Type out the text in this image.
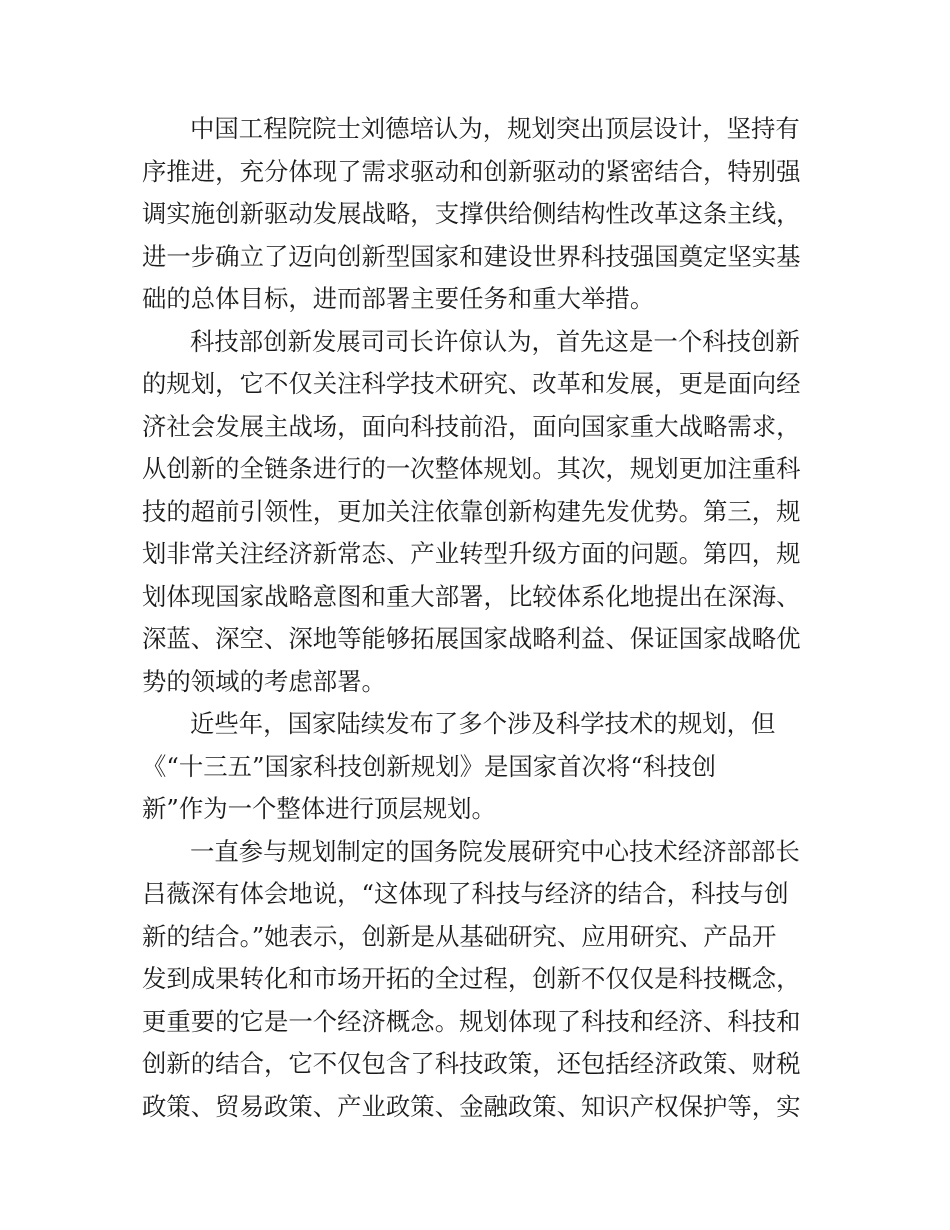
中国工程院院士刘德培认为，规划突出顶层设计，坚持有
序推进，充分体现了需求驱动和创新驱动的紧密结合，特别强
调实施创新驱动发展战略，支撑供给侧结构性改革这条主线，
进一步确立了迈向创新型国家和建设世界科技强国奠定坚实基
础的总体目标，进而部署主要任务和重大举措。
科技部创新发展司司长许倞认为，首先这是一个科技创新
的规划，它不仅关注科学技术研究、改革和发展，更是面向经
济社会发展主战场，面向科技前沿，面向国家重大战略需求，
从创新的全链条进行的一次整体规划。其次，规划更加注重科
技的超前引领性，更加关注依靠创新构建先发优势。第三，规
划非常关注经济新常态、产业转型升级方面的问题。第四，规
划体现国家战略意图和重大部署，比较体系化地提出在深海、
深蓝、深空、深地等能够拓展国家战略利益、保证国家战略优
势的领域的考虑部署。
近些年，国家陆续发布了多个涉及科学技术的规划，但
《“十三五”国家科技创新规划》是国家首次将“科技创
新”作为一个整体进行顶层规划。
一直参与规划制定的国务院发展研究中心技术经济部部长
吕薇深有体会地说，“这体现了科技与经济的结合，科技与创
新的结合。”她表示，创新是从基础研究、应用研究、产品开
发到成果转化和市场开拓的全过程，创新不仅仅是科技概念，
更重要的它是一个经济概念。规划体现了科技和经济、科技和
创新的结合，它不仅包含了科技政策，还包括经济政策、财税
政策、贸易政策、产业政策、金融政策、知识产权保护等，实
